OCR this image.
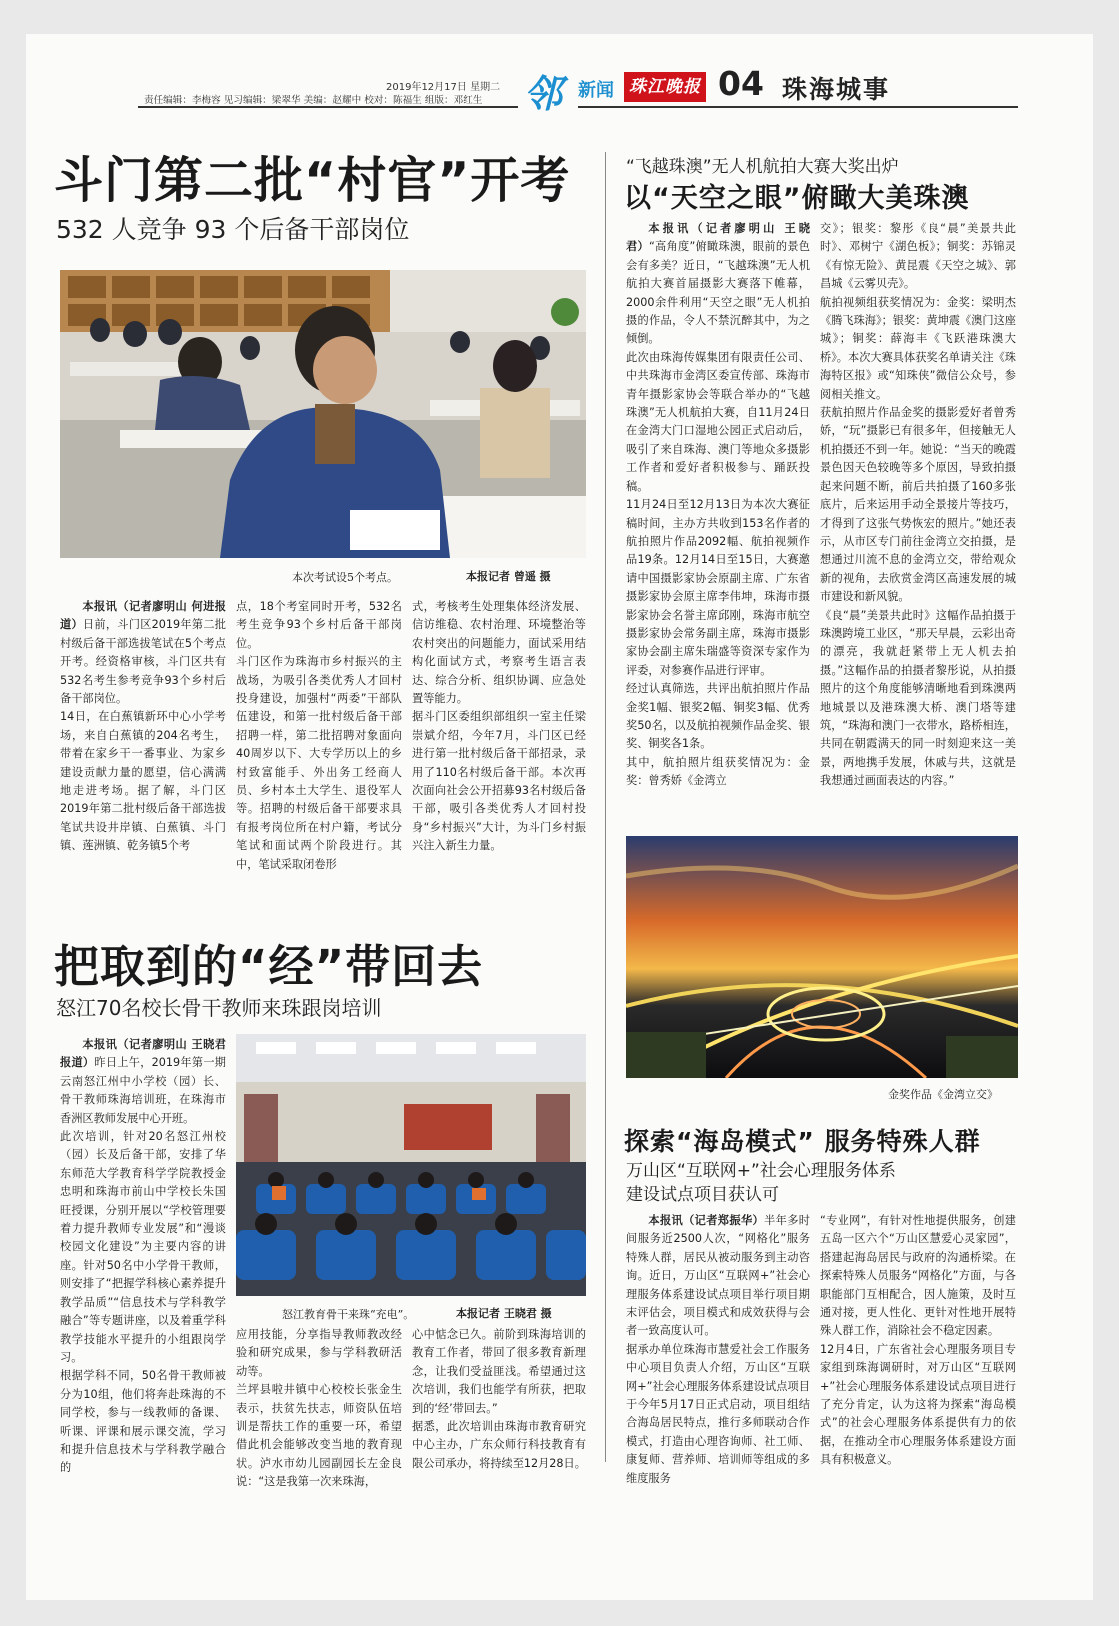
2019年12月17日 星期二
责任编辑：李梅容 见习编辑：梁翠华 美编：赵耀中 校对：陈福生 组版：邓红生 邻 新闻 珠江晚报 04 珠海城事
斗门第二批“村官”开考
532 人竞争 93 个后备干部岗位
本次考试设5个考点。	本报记者 曾遥 摄

本报讯（记者廖明山 何进报道）日前，斗门区2019年第二批村级后备干部选拔笔试在5个考点开考。经资格审核，斗门区共有532名考生参考竞争93个乡村后备干部岗位。
14日，在白蕉镇新环中心小学考场，来自白蕉镇的204名考生，带着在家乡干一番事业、为家乡建设贡献力量的愿望，信心满满地走进考场。据了解，斗门区2019年第二批村级后备干部选拔笔试共设井岸镇、白蕉镇、斗门镇、莲洲镇、乾务镇5个考

点，18个考室同时开考，532名考生竞争93个乡村后备干部岗位。
斗门区作为珠海市乡村振兴的主战场，为吸引各类优秀人才回村投身建设，加强村“两委”干部队伍建设，和第一批村级后备干部招聘一样，第二批招聘对象面向40周岁以下、大专学历以上的乡村致富能手、外出务工经商人员、乡村本土大学生、退役军人等。招聘的村级后备干部要求具有报考岗位所在村户籍，考试分笔试和面试两个阶段进行。其中，笔试采取闭卷形
式，考核考生处理集体经济发展、信访维稳、农村治理、环境整治等农村突出的问题能力，面试采用结构化面试方式，考察考生语言表达、综合分析、组织协调、应急处置等能力。
据斗门区委组织部组织一室主任梁崇斌介绍，今年7月，斗门区已经进行第一批村级后备干部招录，录用了110名村级后备干部。本次再次面向社会公开招募93名村级后备干部，吸引各类优秀人才回村投身“乡村振兴”大计，为斗门乡村振兴注入新生力量。
把取到的“经”带回去
怒江70名校长骨干教师来珠跟岗培训

本报讯（记者廖明山 王晓君报道）昨日上午，2019年第一期云南怒江州中小学校（园）长、骨干教师珠海培训班，在珠海市香洲区教师发展中心开班。
此次培训，针对20名怒江州校（园）长及后备干部，安排了华东师范大学教育科学学院教授金忠明和珠海市前山中学校长朱国旺授课，分别开展以“学校管理要着力提升教师专业发展”和“漫谈校园文化建设”为主要内容的讲座。针对50名中小学骨干教师，则安排了“把握学科核心素养提升教学品质”“信息技术与学科教学融合”等专题讲座，以及着重学科教学技能水平提升的小组跟岗学习。
根据学科不同，50名骨干教师被分为10组，他们将奔赴珠海的不同学校，参与一线教师的备课、听课、评课和展示课交流，学习和提升信息技术与学科教学融合的

怒江教育骨干来珠“充电”。	本报记者 王晓君 摄
应用技能，分享指导教师教改经验和研究成果，参与学科教研活动等。
兰坪县啦井镇中心校校长张金生表示，扶贫先扶志，师资队伍培训是帮扶工作的重要一环，希望借此机会能够改变当地的教育现状。泸水市幼儿园副园长左金良说：“这是我第一次来珠海，
心中惦念已久。前阶到珠海培训的教育工作者，带回了很多教育新理念，让我们受益匪浅。希望通过这次培训，我们也能学有所获，把取到的‘经’带回去。”
据悉，此次培训由珠海市教育研究中心主办，广东众师行科技教育有限公司承办，将持续至12月28日。
“飞越珠澳”无人机航拍大赛大奖出炉
以“天空之眼”俯瞰大美珠澳

本报讯（记者廖明山 王晓君）“高角度”俯瞰珠澳，眼前的景色会有多美？近日，“飞越珠澳”无人机航拍大赛首届摄影大赛落下帷幕，2000余件利用“天空之眼”无人机拍摄的作品，令人不禁沉醉其中，为之倾倒。
此次由珠海传媒集团有限责任公司、中共珠海市金湾区委宣传部、珠海市青年摄影家协会等联合举办的“飞越珠澳”无人机航拍大赛，自11月24日在金湾大门口湿地公园正式启动后，吸引了来自珠海、澳门等地众多摄影工作者和爱好者积极参与、踊跃投稿。
11月24日至12月13日为本次大赛征稿时间，主办方共收到153名作者的航拍照片作品2092幅、航拍视频作品19条。12月14日至15日，大赛邀请中国摄影家协会原副主席、广东省摄影家协会原主席李伟坤，珠海市摄影家协会名誉主席邱刚，珠海市航空摄影家协会常务副主席，珠海市摄影家协会副主席朱瑞盛等资深专家作为评委，对参赛作品进行评审。
经过认真筛选，共评出航拍照片作品金奖1幅、银奖2幅、铜奖3幅、优秀奖50名，以及航拍视频作品金奖、银奖、铜奖各1条。
其中，航拍照片组获奖情况为：金奖：曾秀娇《金湾立

交》；银奖：黎彤《良“晨”美景共此时》、邓树宁《湖色板》；铜奖：苏锦灵《有惊无险》、黄昆震《天空之城》、郭昌城《云雾贝壳》。
航拍视频组获奖情况为：金奖：梁明杰《腾飞珠海》；银奖：黄坤震《澳门这座城》；铜奖：薛海丰《飞跃港珠澳大桥》。本次大赛具体获奖名单请关注《珠海特区报》或“知珠侠”微信公众号，参阅相关推文。
获航拍照片作品金奖的摄影爱好者曾秀娇，“玩”摄影已有很多年，但接触无人机拍摄还不到一年。她说：“当天的晚霞景色因天色较晚等多个原因，导致拍摄起来问题不断，前后共拍摄了160多张底片，后来运用手动全景接片等技巧，才得到了这张气势恢宏的照片。”她还表示，从市区专门前往金湾立交拍摄，是想通过川流不息的金湾立交，带给观众新的视角，去欣赏金湾区高速发展的城市建设和新风貌。
《良“晨”美景共此时》这幅作品拍摄于珠澳跨境工业区，“那天早晨，云彩出奇的漂亮，我就赶紧带上无人机去拍摄。”这幅作品的拍摄者黎彤说，从拍摄照片的这个角度能够清晰地看到珠澳两地城景以及港珠澳大桥、澳门塔等建筑，“珠海和澳门一衣带水，路桥相连，共同在朝霞满天的同一时刻迎来这一美景，两地携手发展，休戚与共，这就是我想通过画面表达的内容。”
金奖作品《金湾立交》
探索“海岛模式” 服务特殊人群
万山区“互联网+”社会心理服务体系
建设试点项目获认可

本报讯（记者郑振华）半年多时间服务近2500人次，“网格化”服务特殊人群，居民从被动服务到主动咨询。近日，万山区“互联网+”社会心理服务体系建设试点项目举行项目期末评估会，项目模式和成效获得与会者一致高度认可。
据承办单位珠海市慧爱社会工作服务中心项目负责人介绍，万山区“互联网+”社会心理服务体系建设试点项目于今年5月17日正式启动，项目组结合海岛居民特点，推行多师联动合作模式，打造由心理咨询师、社工师、康复师、营养师、培训师等组成的多维度服务

“专业网”，有针对性地提供服务，创建五岛一区六个“万山区慧爱心灵家园”，搭建起海岛居民与政府的沟通桥梁。在探索特殊人员服务“网格化”方面，与各职能部门互相配合，因人施策，及时互通对接，更人性化、更针对性地开展特殊人群工作，消除社会不稳定因素。
12月4日，广东省社会心理服务项目专家组到珠海调研时，对万山区“互联网+”社会心理服务体系建设试点项目进行了充分肯定，认为这将为探索“海岛模式”的社会心理服务体系提供有力的依据，在推动全市心理服务体系建设方面具有积极意义。
